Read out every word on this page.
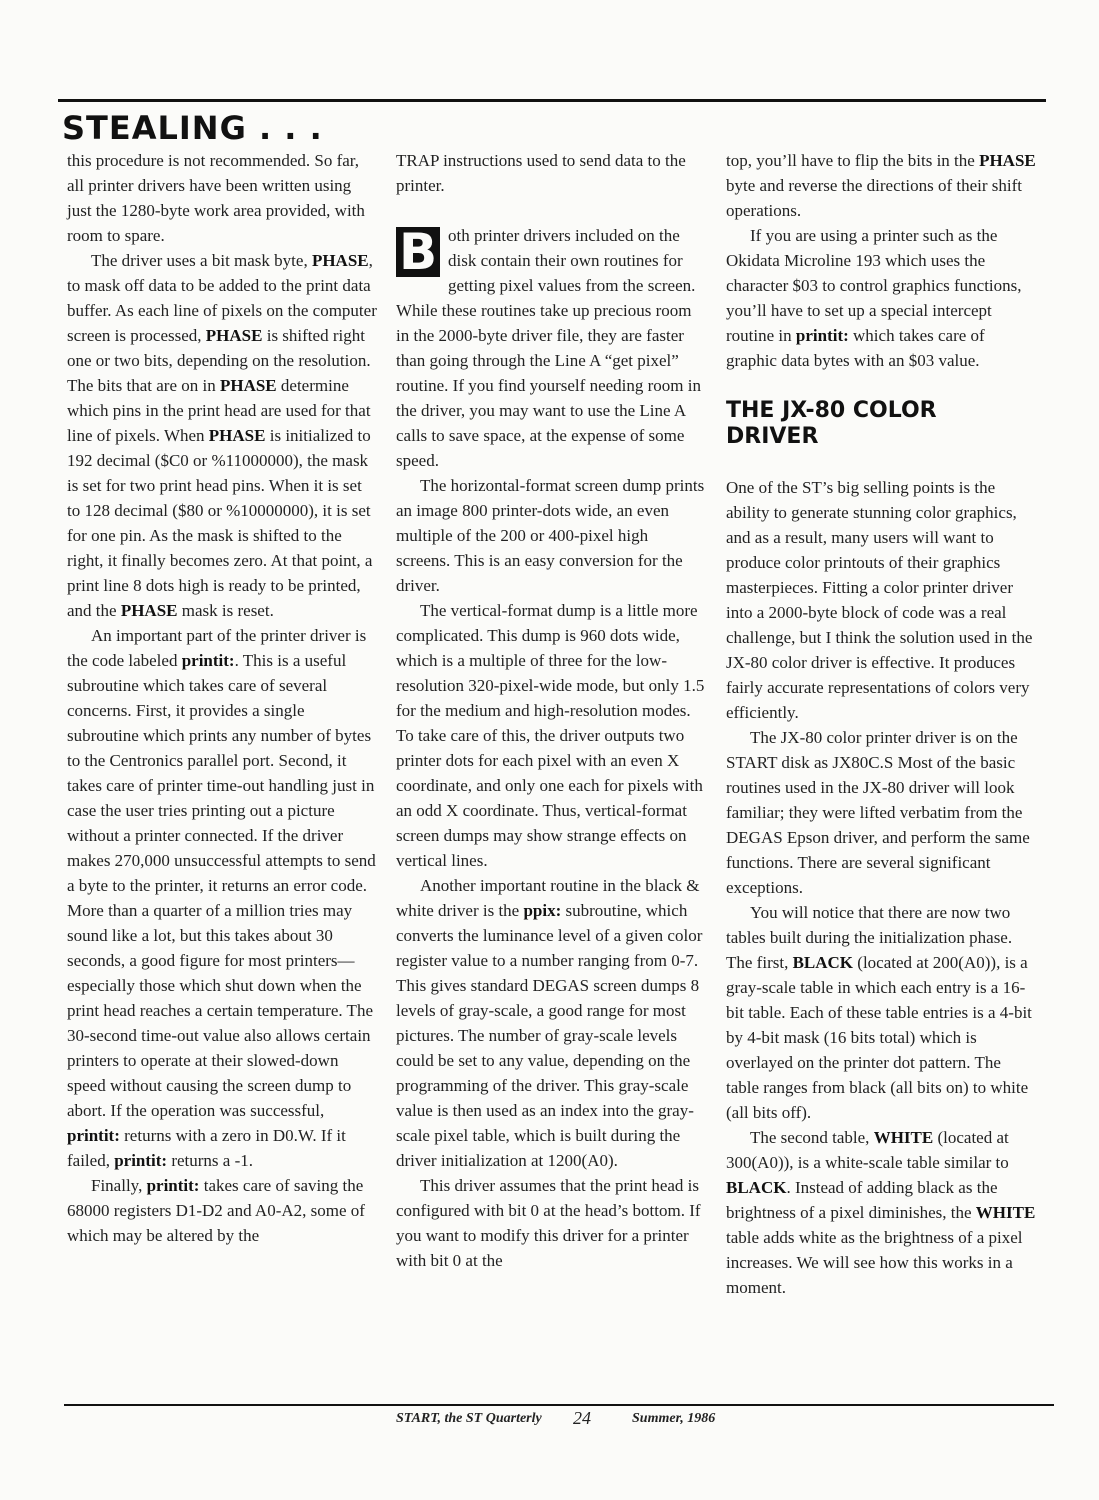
STEALING . . .

this procedure is not recommended. So far, all printer drivers have been written using just the 1280-byte work area provided, with room to spare.

The driver uses a bit mask byte, PHASE, to mask off data to be added to the print data buffer. As each line of pixels on the computer screen is processed, PHASE is shifted right one or two bits, depending on the resolution. The bits that are on in PHASE determine which pins in the print head are used for that line of pixels. When PHASE is initialized to 192 decimal ($C0 or %11000000), the mask is set for two print head pins. When it is set to 128 decimal ($80 or %10000000), it is set for one pin. As the mask is shifted to the right, it finally becomes zero. At that point, a print line 8 dots high is ready to be printed, and the PHASE mask is reset.

An important part of the printer driver is the code labeled printit:. This is a useful subroutine which takes care of several concerns. First, it provides a single subroutine which prints any number of bytes to the Centronics parallel port. Second, it takes care of printer time-out handling just in case the user tries printing out a picture without a printer connected. If the driver makes 270,000 unsuccessful attempts to send a byte to the printer, it returns an error code. More than a quarter of a million tries may sound like a lot, but this takes about 30 seconds, a good figure for most printers—especially those which shut down when the print head reaches a certain temperature. The 30-second time-out value also allows certain printers to operate at their slowed-down speed without causing the screen dump to abort. If the operation was successful, printit: returns with a zero in D0.W. If it failed, printit: returns a -1.

Finally, printit: takes care of saving the 68000 registers D1-D2 and A0-A2, some of which may be altered by the

TRAP instructions used to send data to the printer.

B oth printer drivers included on the disk contain their own routines for getting pixel values from the screen. While these routines take up precious room in the 2000-byte driver file, they are faster than going through the Line A “get pixel” routine. If you find yourself needing room in the driver, you may want to use the Line A calls to save space, at the expense of some speed.

The horizontal-format screen dump prints an image 800 printer-dots wide, an even multiple of the 200 or 400-pixel high screens. This is an easy conversion for the driver.

The vertical-format dump is a little more complicated. This dump is 960 dots wide, which is a multiple of three for the low-resolution 320-pixel-wide mode, but only 1.5 for the medium and high-resolution modes. To take care of this, the driver outputs two printer dots for each pixel with an even X coordinate, and only one each for pixels with an odd X coordinate. Thus, vertical-format screen dumps may show strange effects on vertical lines.

Another important routine in the black & white driver is the ppix: subroutine, which converts the luminance level of a given color register value to a number ranging from 0-7. This gives standard DEGAS screen dumps 8 levels of gray-scale, a good range for most pictures. The number of gray-scale levels could be set to any value, depending on the programming of the driver. This gray-scale value is then used as an index into the gray-scale pixel table, which is built during the driver initialization at 1200(A0).

This driver assumes that the print head is configured with bit 0 at the head’s bottom. If you want to modify this driver for a printer with bit 0 at the

top, you’ll have to flip the bits in the PHASE byte and reverse the directions of their shift operations.

If you are using a printer such as the Okidata Microline 193 which uses the character $03 to control graphics functions, you’ll have to set up a special intercept routine in printit: which takes care of graphic data bytes with an $03 value.

THE JX-80 COLOR DRIVER

One of the ST’s big selling points is the ability to generate stunning color graphics, and as a result, many users will want to produce color printouts of their graphics masterpieces. Fitting a color printer driver into a 2000-byte block of code was a real challenge, but I think the solution used in the JX-80 color driver is effective. It produces fairly accurate representations of colors very efficiently.

The JX-80 color printer driver is on the START disk as JX80C.S Most of the basic routines used in the JX-80 driver will look familiar; they were lifted verbatim from the DEGAS Epson driver, and perform the same functions. There are several significant exceptions.

You will notice that there are now two tables built during the initialization phase. The first, BLACK (located at 200(A0)), is a gray-scale table in which each entry is a 16-bit table. Each of these table entries is a 4-bit by 4-bit mask (16 bits total) which is overlayed on the printer dot pattern. The table ranges from black (all bits on) to white (all bits off).

The second table, WHITE (located at 300(A0)), is a white-scale table similar to BLACK. Instead of adding black as the brightness of a pixel diminishes, the WHITE table adds white as the brightness of a pixel increases. We will see how this works in a moment.

START, the ST Quarterly 24	Summer, 1986
